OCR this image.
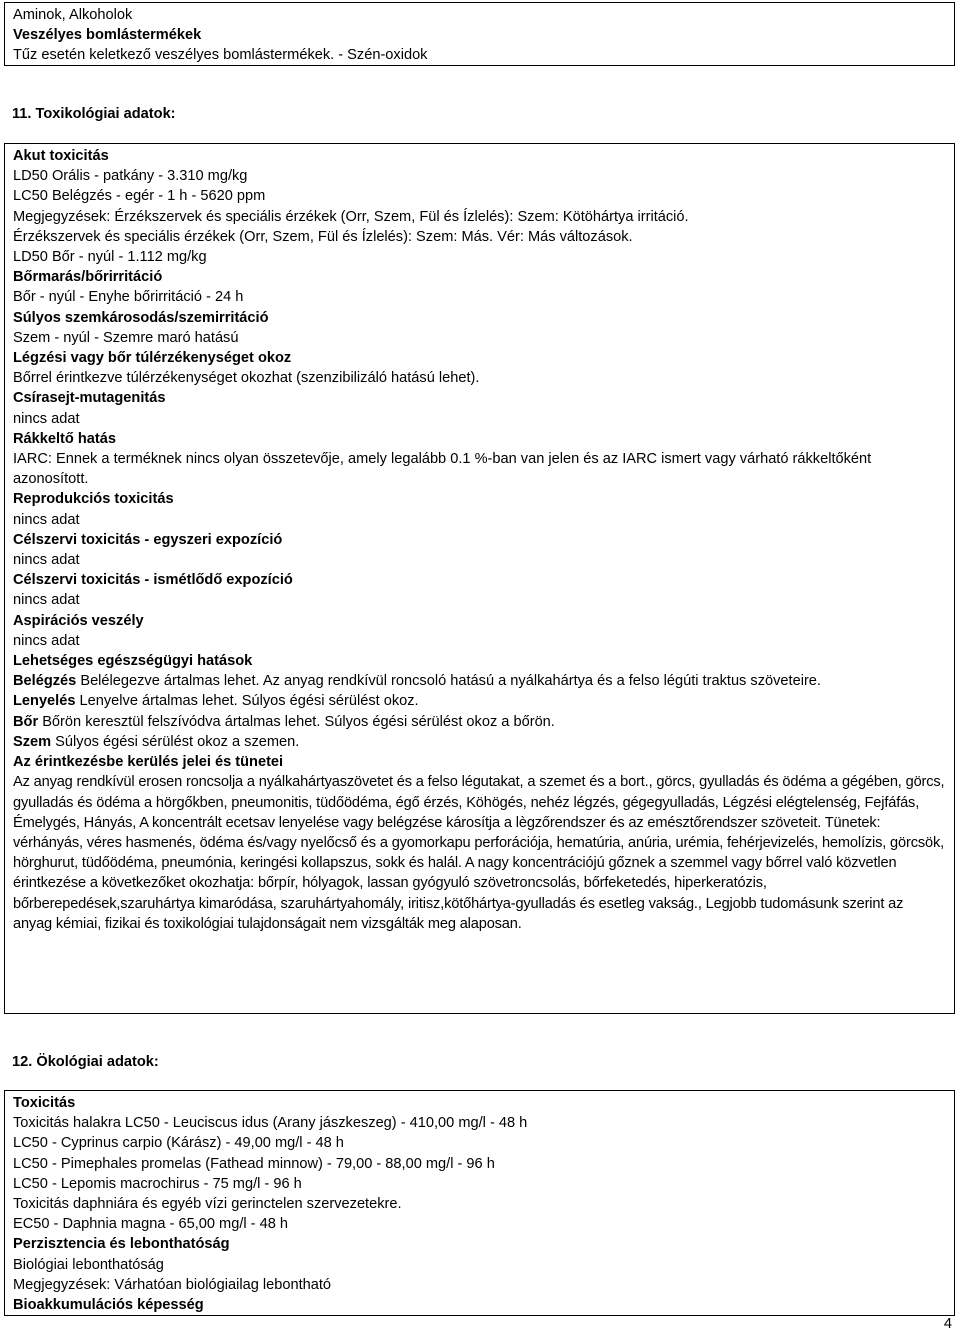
Aminok, Alkoholok
Veszélyes bomlástermékek
Tűz esetén keletkező veszélyes bomlástermékek. - Szén-oxidok
11. Toxikológiai adatok:
Akut toxicitás
LD50 Orális - patkány - 3.310 mg/kg
LC50 Belégzés - egér - 1 h - 5620 ppm
Megjegyzések: Érzékszervek és speciális érzékek (Orr, Szem, Fül és Ízlelés): Szem: Kötöhártya irritáció.
Érzékszervek és speciális érzékek (Orr, Szem, Fül és Ízlelés): Szem: Más. Vér: Más változások.
LD50 Bőr - nyúl - 1.112 mg/kg
Bőrmarás/bőrirritáció
Bőr - nyúl - Enyhe bőrirritáció - 24 h
Súlyos szemkárosodás/szemirritáció
Szem - nyúl - Szemre maró hatású
Légzési vagy bőr túlérzékenységet okoz
Bőrrel érintkezve túlérzékenységet okozhat (szenzibilizáló hatású lehet).
Csírasejt-mutagenitás
nincs adat
Rákkeltő hatás
IARC: Ennek a terméknek nincs olyan összetevője, amely legalább 0.1 %-ban van jelen és az IARC ismert vagy várható rákkeltőként azonosított.
Reprodukciós toxicitás
nincs adat
Célszervi toxicitás - egyszeri expozíció
nincs adat
Célszervi toxicitás - ismétlődő expozíció
nincs adat
Aspirációs veszély
nincs adat
Lehetséges egészségügyi hatások
Belégzés Belélegezve ártalmas lehet. Az anyag rendkívül roncsoló hatású a nyálkahártya és a felso légúti traktus szöveteire.
Lenyelés Lenyelve ártalmas lehet. Súlyos égési sérülést okoz.
Bőr Bőrön keresztül felszívódva ártalmas lehet. Súlyos égési sérülést okoz a bőrön.
Szem Súlyos égési sérülést okoz a szemen.
Az érintkezésbe kerülés jelei és tünetei
Az anyag rendkívül erosen roncsolja a nyálkahártyaszövetet és a felso légutakat, a szemet és a bort., görcs, gyulladás és ödéma a gégében, görcs, gyulladás és ödéma a hörgőkben, pneumonitis, tüdőödéma, égő érzés, Köhögés, nehéz légzés, gégegyulladás, Légzési elégtelenség, Fejfáfás, Émelygés, Hányás, A koncentrált ecetsav lenyelése vagy belégzése károsítja a lègzőrendszer és az emésztőrendszer szöveteit. Tünetek: vérhányás, véres hasmenés, ödéma és/vagy nyelőcső és a gyomorkapu perforációja, hematúria, anúria, urémia, fehérjevizelés, hemolízis, görcsök, hörghurut, tüdőödéma, pneumónia, keringési kollapszus, sokk és halál. A nagy koncentrációjú gőznek a szemmel vagy bőrrel való közvetlen érintkezése a következőket okozhatja: bőrpír, hólyagok, lassan gyógyuló szövetroncsolás, bőrfeketedés, hiperkeratózis, bőrberepedések,szaruhártya kimaródása, szaruhártyahomály, iritisz,kötőhártya-gyulladás és esetleg vakság., Legjobb tudomásunk szerint az anyag kémiai, fizikai és toxikológiai tulajdonságait nem vizsgálták meg alaposan.
12. Ökológiai adatok:
Toxicitás
Toxicitás halakra LC50 - Leuciscus idus (Arany jászkeszeg) - 410,00 mg/l - 48 h
LC50 - Cyprinus carpio (Kárász) - 49,00 mg/l - 48 h
LC50 - Pimephales promelas (Fathead minnow) - 79,00 - 88,00 mg/l - 96 h
LC50 - Lepomis macrochirus - 75 mg/l - 96 h
Toxicitás daphniára és egyéb vízi gerinctelen szervezetekre.
EC50 - Daphnia magna - 65,00 mg/l - 48 h
Perzisztencia és lebonthatóság
Biológiai lebonthatóság
Megjegyzések: Várhatóan biológiailag lebontható
Bioakkumulációs képesség
4
